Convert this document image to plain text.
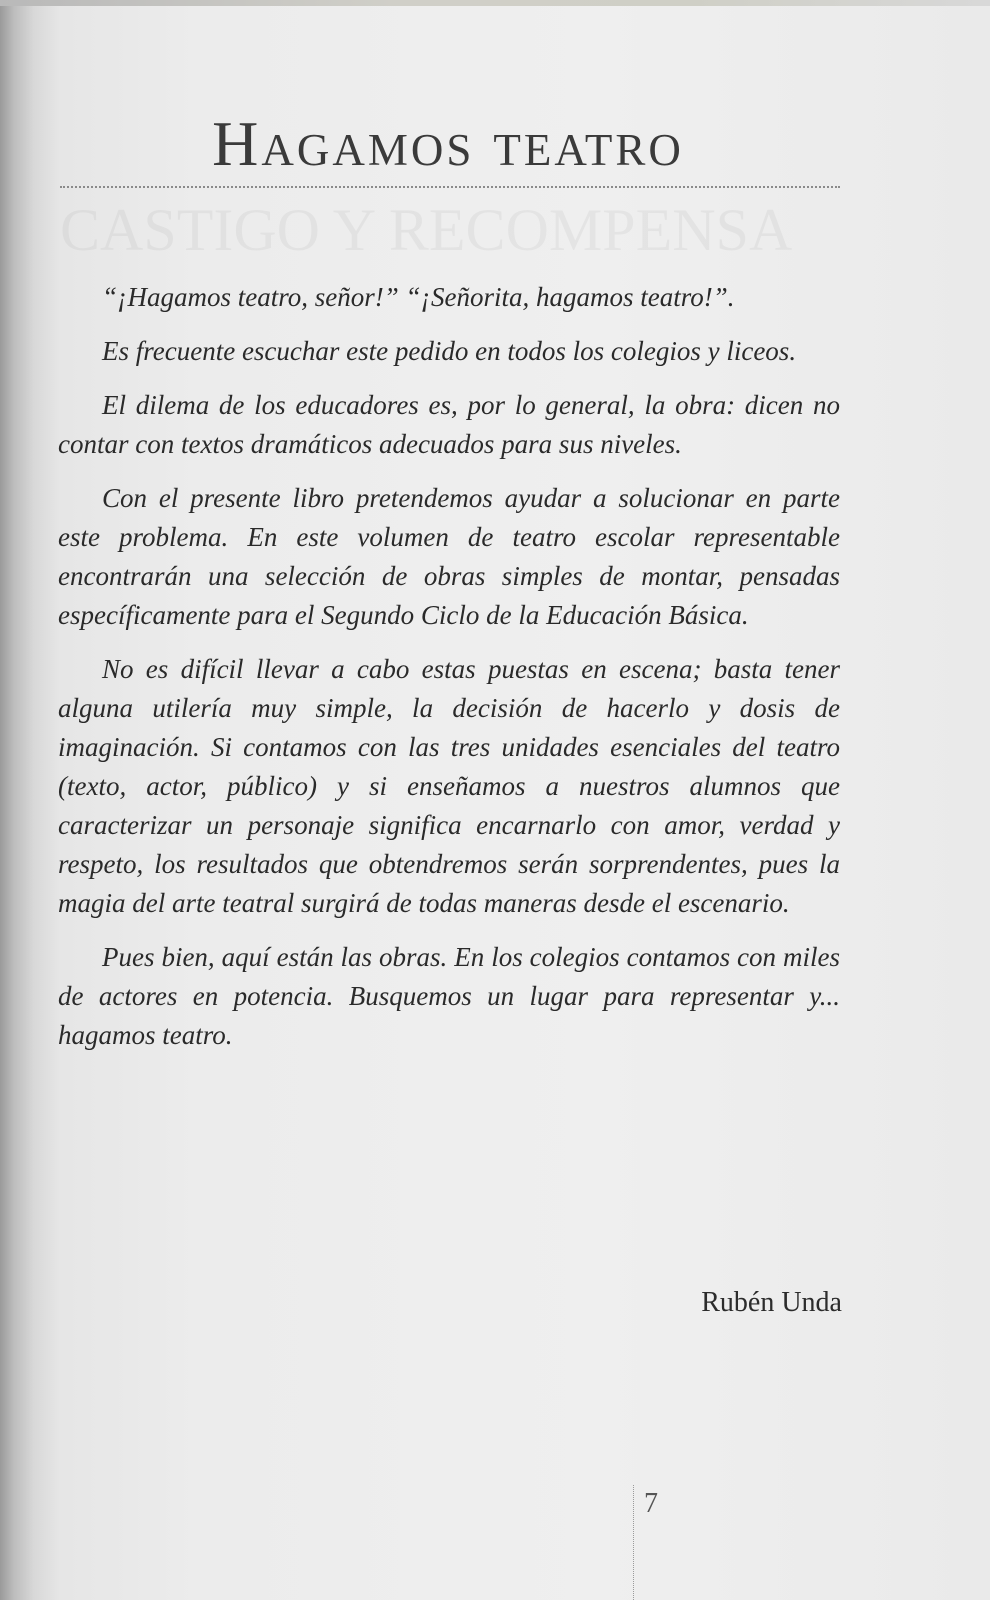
Hagamos teatro

“¡Hagamos teatro, señor!” “¡Señorita, hagamos teatro!”.

Es frecuente escuchar este pedido en todos los colegios y liceos.

El dilema de los educadores es, por lo general, la obra: dicen no contar con textos dramáticos adecuados para sus niveles.

Con el presente libro pretendemos ayudar a solucionar en parte este problema. En este volumen de teatro escolar representable encontrarán una selección de obras simples de montar, pensadas específicamente para el Segundo Ciclo de la Educación Básica.

No es difícil llevar a cabo estas puestas en escena; basta tener alguna utilería muy simple, la decisión de hacerlo y dosis de imaginación. Si contamos con las tres unidades esenciales del teatro (texto, actor, público) y si enseñamos a nuestros alumnos que caracterizar un personaje significa encarnarlo con amor, verdad y respeto, los resultados que obtendremos serán sorprendentes, pues la magia del arte teatral surgirá de todas maneras desde el escenario.

Pues bien, aquí están las obras. En los colegios contamos con miles de actores en potencia. Busquemos un lugar para representar y... hagamos teatro.

Rubén Unda
7
